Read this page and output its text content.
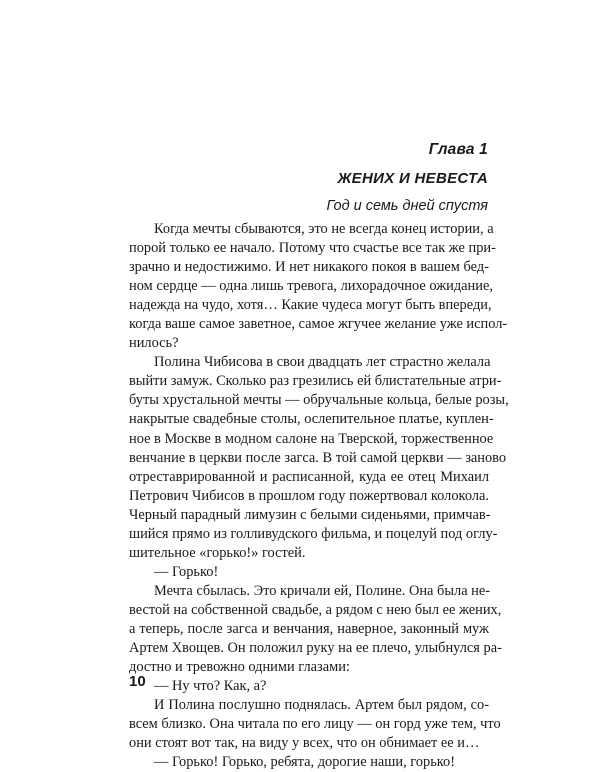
Глава 1
ЖЕНИХ И НЕВЕСТА
Год и семь дней спустя
Когда мечты сбываются, это не всегда конец истории, а
порой только ее начало. Потому что счастье все так же при-
зрачно и недостижимо. И нет никакого покоя в вашем бед-
ном сердце — одна лишь тревога, лихорадочное ожидание,
надежда на чудо, хотя… Какие чудеса могут быть впереди,
когда ваше самое заветное, самое жгучее желание уже испол-
нилось?
Полина Чибисова в свои двадцать лет страстно желала
выйти замуж. Сколько раз грезились ей блистательные атри-
буты хрустальной мечты — обручальные кольца, белые розы,
накрытые свадебные столы, ослепительное платье, куплен-
ное в Москве в модном салоне на Тверской, торжественное
венчание в церкви после загса. В той самой церкви — заново
отреставрированной и расписанной, куда ее отец Михаил
Петрович Чибисов в прошлом году пожертвовал колокола.
Черный парадный лимузин с белыми сиденьями, примчав-
шийся прямо из голливудского фильма, и поцелуй под оглу-
шительное «горько!» гостей.
— Горько!
Мечта сбылась. Это кричали ей, Полине. Она была не-
вестой на собственной свадьбе, а рядом с нею был ее жених,
а теперь, после загса и венчания, наверное, законный муж
Артем Хвощев. Он положил руку на ее плечо, улыбнулся ра-
достно и тревожно одними глазами:
— Ну что? Как, а?
И Полина послушно поднялась. Артем был рядом, со-
всем близко. Она читала по его лицу — он горд уже тем, что
они стоят вот так, на виду у всех, что он обнимает ее и…
— Горько! Горько, ребята, дорогие наши, горько!
10
